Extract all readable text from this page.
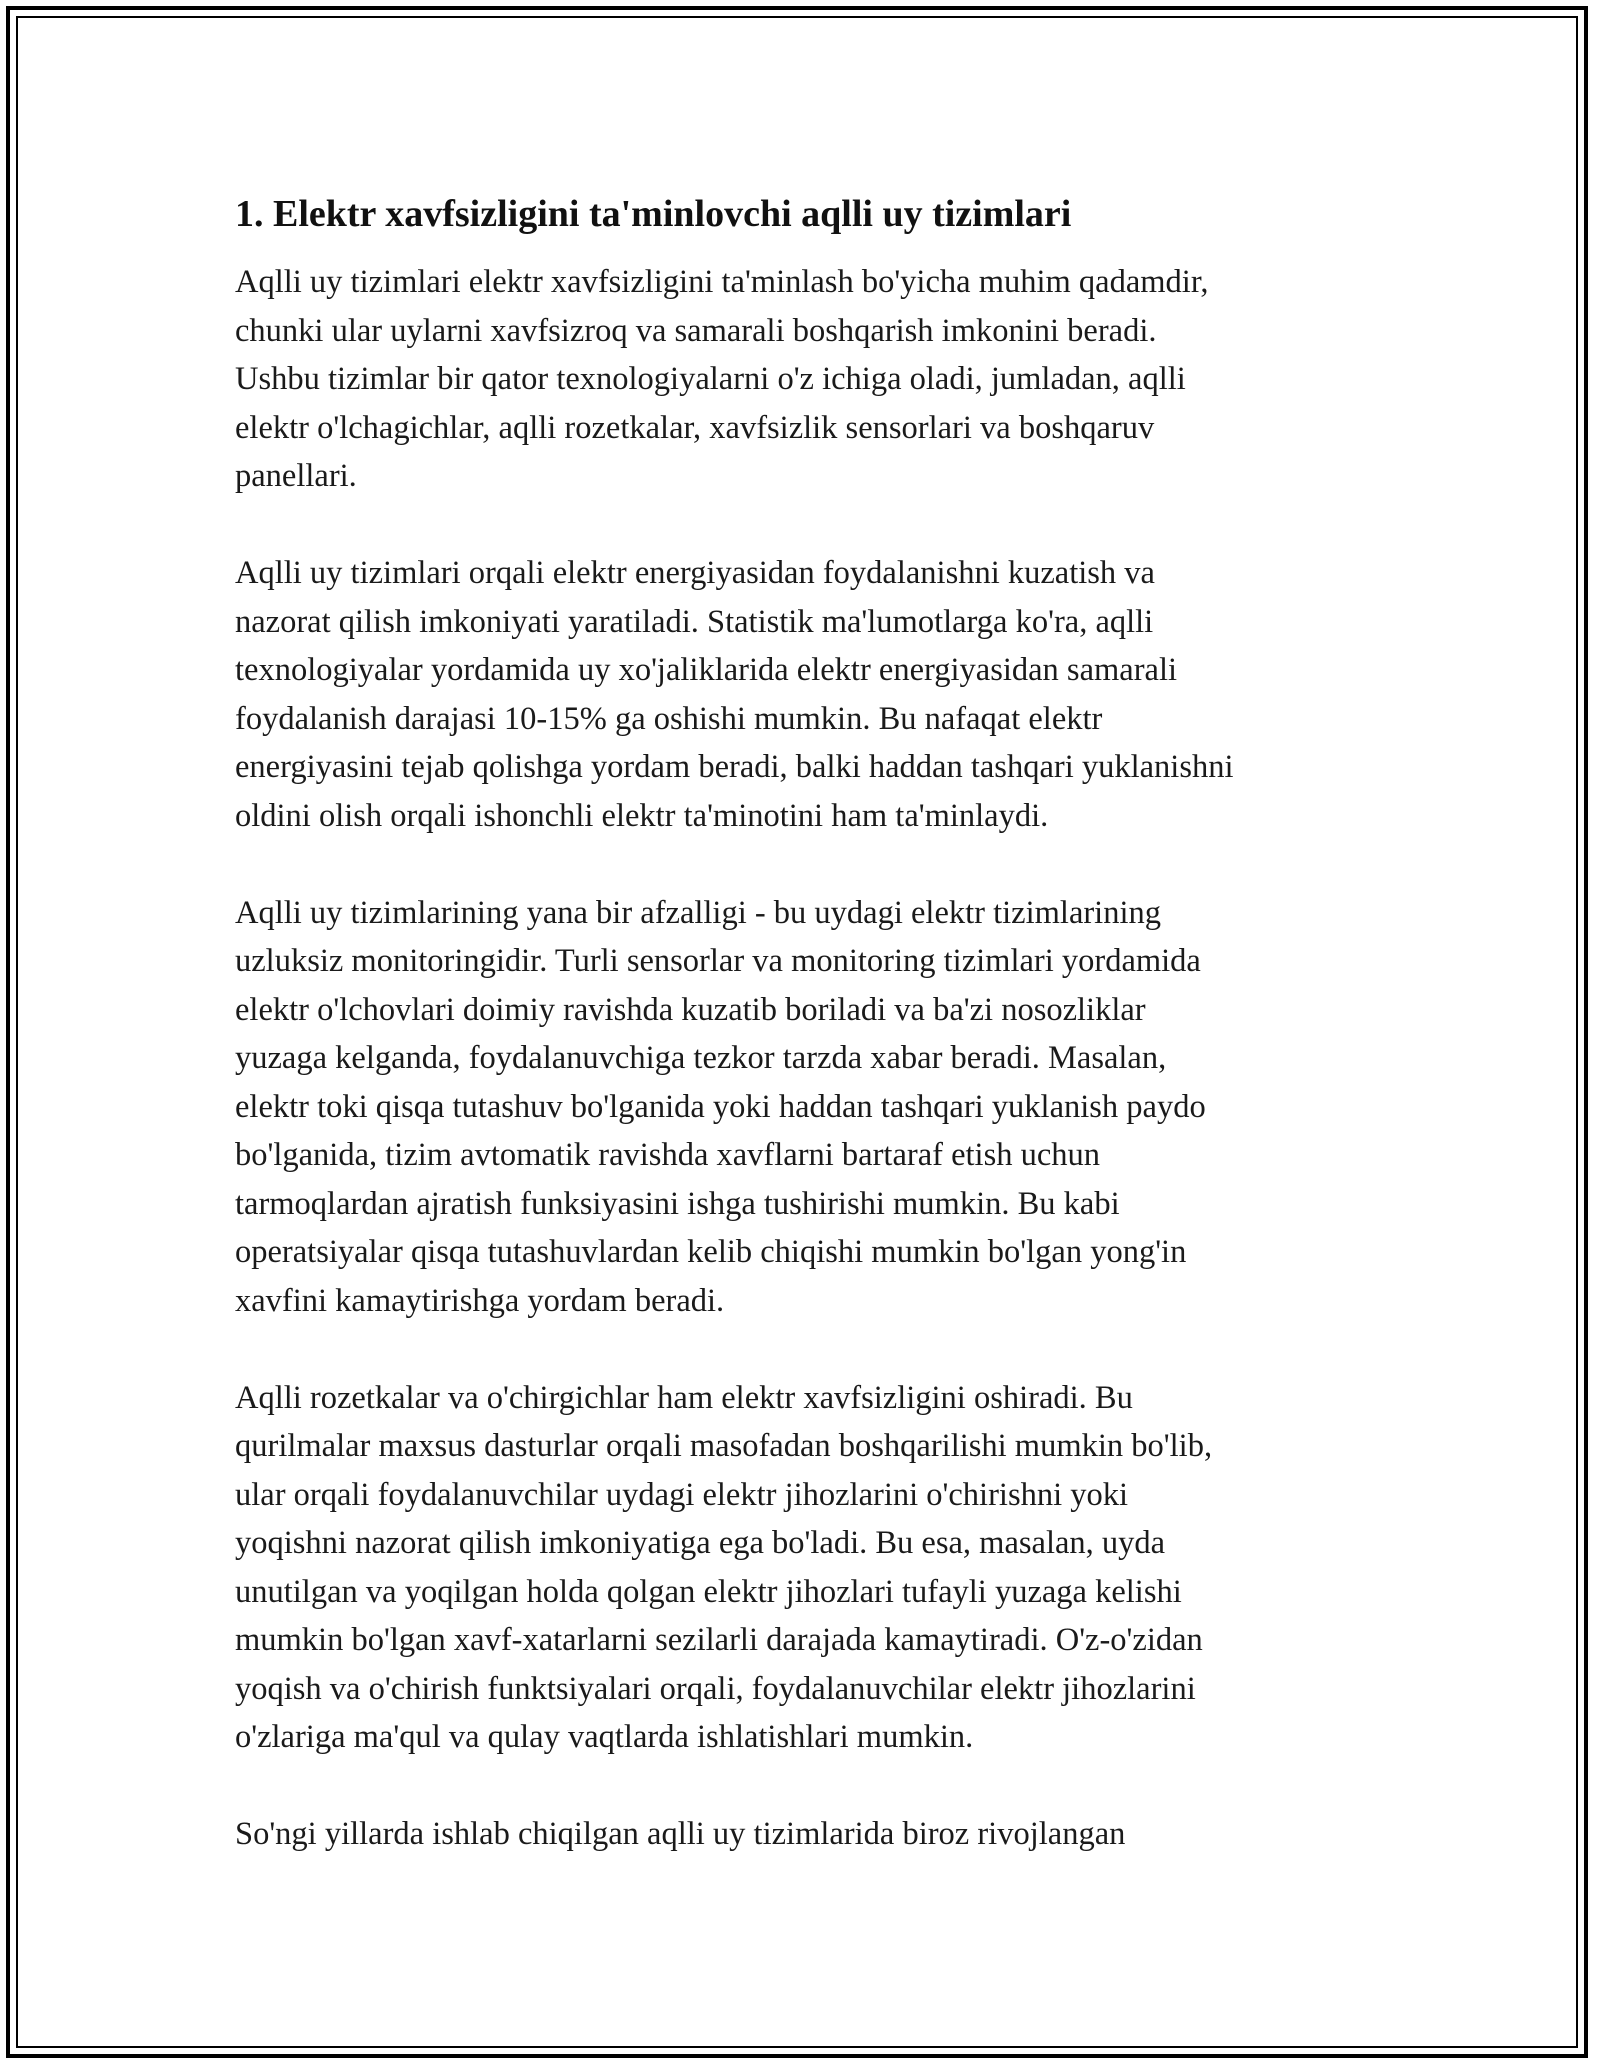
1. Elektr xavfsizligini ta'minlovchi aqlli uy tizimlari

Aqlli uy tizimlari elektr xavfsizligini ta'minlash bo'yicha muhim qadamdir,
chunki ular uylarni xavfsizroq va samarali boshqarish imkonini beradi.
Ushbu tizimlar bir qator texnologiyalarni o'z ichiga oladi, jumladan, aqlli
elektr o'lchagichlar, aqlli rozetkalar, xavfsizlik sensorlari va boshqaruv
panellari.

Aqlli uy tizimlari orqali elektr energiyasidan foydalanishni kuzatish va
nazorat qilish imkoniyati yaratiladi. Statistik ma'lumotlarga ko'ra, aqlli
texnologiyalar yordamida uy xo'jaliklarida elektr energiyasidan samarali
foydalanish darajasi 10-15% ga oshishi mumkin. Bu nafaqat elektr
energiyasini tejab qolishga yordam beradi, balki haddan tashqari yuklanishni
oldini olish orqali ishonchli elektr ta'minotini ham ta'minlaydi.

Aqlli uy tizimlarining yana bir afzalligi - bu uydagi elektr tizimlarining
uzluksiz monitoringidir. Turli sensorlar va monitoring tizimlari yordamida
elektr o'lchovlari doimiy ravishda kuzatib boriladi va ba'zi nosozliklar
yuzaga kelganda, foydalanuvchiga tezkor tarzda xabar beradi. Masalan,
elektr toki qisqa tutashuv bo'lganida yoki haddan tashqari yuklanish paydo
bo'lganida, tizim avtomatik ravishda xavflarni bartaraf etish uchun
tarmoqlardan ajratish funksiyasini ishga tushirishi mumkin. Bu kabi
operatsiyalar qisqa tutashuvlardan kelib chiqishi mumkin bo'lgan yong'in
xavfini kamaytirishga yordam beradi.

Aqlli rozetkalar va o'chirgichlar ham elektr xavfsizligini oshiradi. Bu
qurilmalar maxsus dasturlar orqali masofadan boshqarilishi mumkin bo'lib,
ular orqali foydalanuvchilar uydagi elektr jihozlarini o'chirishni yoki
yoqishni nazorat qilish imkoniyatiga ega bo'ladi. Bu esa, masalan, uyda
unutilgan va yoqilgan holda qolgan elektr jihozlari tufayli yuzaga kelishi
mumkin bo'lgan xavf-xatarlarni sezilarli darajada kamaytiradi. O'z-o'zidan
yoqish va o'chirish funktsiyalari orqali, foydalanuvchilar elektr jihozlarini
o'zlariga ma'qul va qulay vaqtlarda ishlatishlari mumkin.

So'ngi yillarda ishlab chiqilgan aqlli uy tizimlarida biroz rivojlangan
